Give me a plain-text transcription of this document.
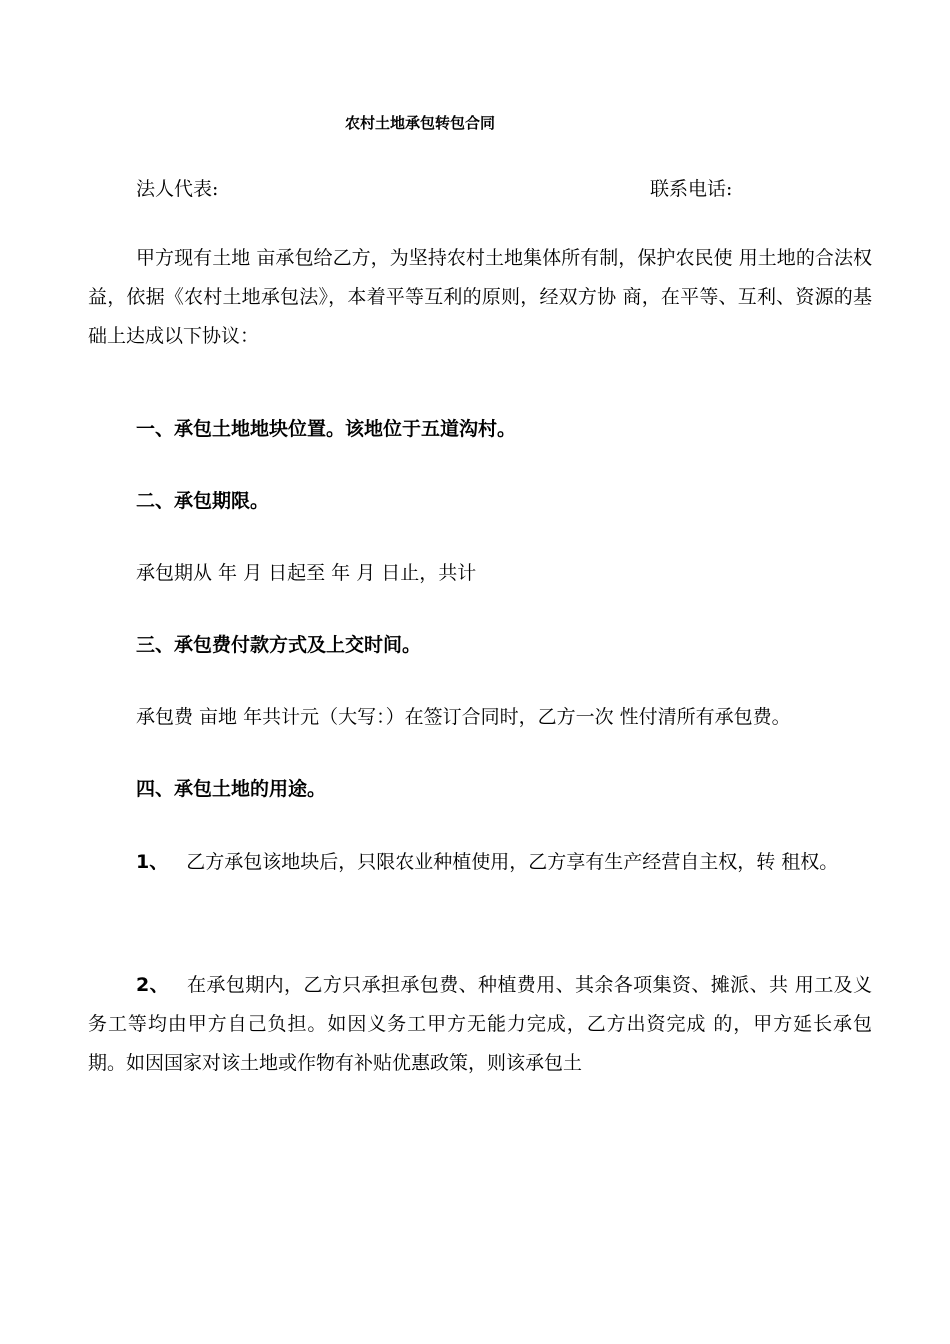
农村土地承包转包合同
法人代表:	联系电话:

甲方现有土地 亩承包给乙方，为坚持农村土地集体所有制，保护农民使 用土地的合法权益，依据《农村土地承包法》，本着平等互利的原则，经双方协 商，在平等、互利、资源的基础上达成以下协议：

一、承包土地地块位置。该地位于五道沟村。

二、承包期限。

承包期从 年 月 日起至 年 月 日止，共计

三、承包费付款方式及上交时间。

承包费 亩地 年共计元（大写：）在签订合同时，乙方一次 性付清所有承包费。

四、承包土地的用途。

1、 乙方承包该地块后，只限农业种植使用，乙方享有生产经营自主权，转 租权。

2、 在承包期内，乙方只承担承包费、种植费用、其余各项集资、摊派、共 用工及义务工等均由甲方自己负担。如因义务工甲方无能力完成，乙方出资完成 的，甲方延长承包期。如因国家对该土地或作物有补贴优惠政策，则该承包土
